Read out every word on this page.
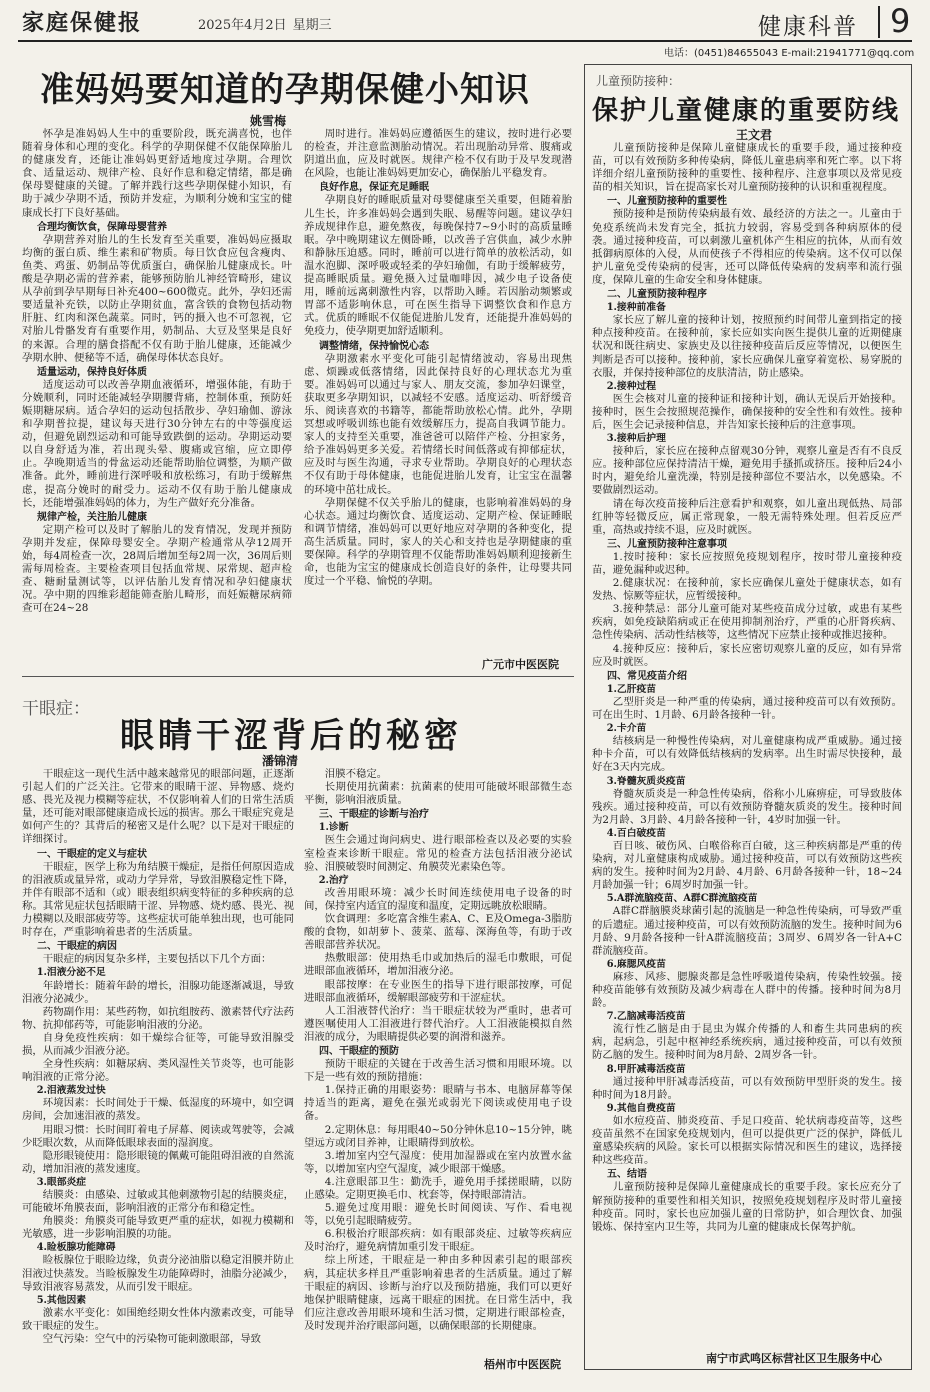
家庭保健报	2025年4月2日 星期三	健康科普 9
电话：(0451)84655043 E-mail:21941771@qq.com
准妈妈要知道的孕期保健小知识
姚雪梅

怀孕是准妈妈人生中的重要阶段，既充满喜悦，也伴随着身体和心理的变化。科学的孕期保健不仅能保障胎儿的健康发育，还能让准妈妈更舒适地度过孕期。合理饮食、适量运动、规律产检、良好作息和稳定情绪，都是确保母婴健康的关键。了解并践行这些孕期保健小知识，有助于减少孕期不适，预防并发症，为顺利分娩和宝宝的健康成长打下良好基础。

合理均衡饮食，保障母婴营养

孕期营养对胎儿的生长发育至关重要，准妈妈应摄取均衡的蛋白质、维生素和矿物质。每日饮食应包含瘦肉、鱼类、鸡蛋、奶制品等优质蛋白，确保胎儿健康成长。叶酸是孕期必需的营养素，能够预防胎儿神经管畸形，建议从孕前到孕早期每日补充400~600微克。此外，孕妇还需要适量补充铁，以防止孕期贫血，富含铁的食物包括动物肝脏、红肉和深色蔬菜。同时，钙的摄入也不可忽视，它对胎儿骨骼发育有重要作用，奶制品、大豆及坚果是良好的来源。合理的膳食搭配不仅有助于胎儿健康，还能减少孕期水肿、便秘等不适，确保母体状态良好。

适量运动，保持良好体质

适度运动可以改善孕期血液循环，增强体能，有助于分娩顺利，同时还能减轻孕期腰背痛，控制体重，预防妊娠期糖尿病。适合孕妇的运动包括散步、孕妇瑜伽、游泳和孕期普拉提，建议每天进行30分钟左右的中等强度运动，但避免剧烈运动和可能导致跌倒的运动。孕期运动要以自身舒适为准，若出现头晕、腹痛或宫缩，应立即停止。孕晚期适当的骨盆运动还能帮助胎位调整，为顺产做准备。此外，睡前进行深呼吸和放松练习，有助于缓解焦虑，提高分娩时的耐受力。运动不仅有助于胎儿健康成长，还能增强准妈妈的体力，为生产做好充分准备。

规律产检，关注胎儿健康

定期产检可以及时了解胎儿的发育情况，发现并预防孕期并发症，保障母婴安全。孕期产检通常从孕12周开始，每4周检查一次，28周后增加至每2周一次，36周后则需每周检查。主要检查项目包括血常规、尿常规、超声检查、糖耐量测试等，以评估胎儿发育情况和孕妇健康状况。孕中期的四维彩超能筛查胎儿畸形，而妊娠糖尿病筛查可在24~28

周时进行。准妈妈应遵循医生的建议，按时进行必要的检查，并注意监测胎动情况。若出现胎动异常、腹痛或阴道出血，应及时就医。规律产检不仅有助于及早发现潜在风险，也能让准妈妈更加安心，确保胎儿平稳发育。

良好作息，保证充足睡眠

孕期良好的睡眠质量对母婴健康至关重要，但随着胎儿生长，许多准妈妈会遇到失眠、易醒等问题。建议孕妇养成规律作息，避免熬夜，每晚保持7~9小时的高质量睡眠。孕中晚期建议左侧卧睡，以改善子宫供血，减少水肿和静脉压迫感。同时，睡前可以进行简单的放松活动，如温水泡脚、深呼吸或轻柔的孕妇瑜伽，有助于缓解疲劳，提高睡眠质量。避免摄入过量咖啡因，减少电子设备使用，睡前远离刺激性内容，以帮助入睡。若因胎动频繁或胃部不适影响休息，可在医生指导下调整饮食和作息方式。优质的睡眠不仅能促进胎儿发育，还能提升准妈妈的免疫力，使孕期更加舒适顺利。

调整情绪，保持愉悦心态

孕期激素水平变化可能引起情绪波动，容易出现焦虑、烦躁或低落情绪，因此保持良好的心理状态尤为重要。准妈妈可以通过与家人、朋友交流，参加孕妇课堂，获取更多孕期知识，以减轻不安感。适度运动、听舒缓音乐、阅读喜欢的书籍等，都能帮助放松心情。此外，孕期冥想或呼吸训练也能有效缓解压力，提高自我调节能力。家人的支持至关重要，准爸爸可以陪伴产检、分担家务，给予准妈妈更多关爱。若情绪长时间低落或有抑郁症状，应及时与医生沟通，寻求专业帮助。孕期良好的心理状态不仅有助于母体健康，也能促进胎儿发育，让宝宝在温馨的环境中茁壮成长。

孕期保健不仅关乎胎儿的健康，也影响着准妈妈的身心状态。通过均衡饮食、适度运动、定期产检、保证睡眠和调节情绪，准妈妈可以更好地应对孕期的各种变化，提高生活质量。同时，家人的关心和支持也是孕期健康的重要保障。科学的孕期管理不仅能帮助准妈妈顺利迎接新生命，也能为宝宝的健康成长创造良好的条件，让母婴共同度过一个平稳、愉悦的孕期。

广元市中医医院
干眼症：
眼睛干涩背后的秘密
潘锦清

干眼症这一现代生活中越来越常见的眼部问题，正逐渐引起人们的广泛关注。它带来的眼睛干涩、异物感、烧灼感、畏光及视力模糊等症状，不仅影响着人们的日常生活质量，还可能对眼部健康造成长远的损害。那么干眼症究竟是如何产生的？其背后的秘密又是什么呢？以下是对干眼症的详细探讨。

一、干眼症的定义与症状

干眼症，医学上称为角结膜干燥症，是指任何原因造成的泪液质或量异常，或动力学异常，导致泪膜稳定性下降，并伴有眼部不适和（或）眼表组织病变特征的多种疾病的总称。其常见症状包括眼睛干涩、异物感、烧灼感、畏光、视力模糊以及眼部疲劳等。这些症状可能单独出现，也可能同时存在，严重影响着患者的生活质量。

二、干眼症的病因

干眼症的病因复杂多样，主要包括以下几个方面：

1.泪液分泌不足

年龄增长：随着年龄的增长，泪腺功能逐渐减退，导致泪液分泌减少。

药物副作用：某些药物，如抗组胺药、激素替代疗法药物、抗抑郁药等，可能影响泪液的分泌。

自身免疫性疾病：如干燥综合征等，可能导致泪腺受损，从而减少泪液分泌。

全身性疾病：如糖尿病、类风湿性关节炎等，也可能影响泪液的正常分泌。

2.泪液蒸发过快

环境因素：长时间处于干燥、低湿度的环境中，如空调房间，会加速泪液的蒸发。

用眼习惯：长时间盯着电子屏幕、阅读或驾驶等，会减少眨眼次数，从而降低眼球表面的湿润度。

隐形眼镜使用：隐形眼镜的佩戴可能阻碍泪液的自然流动，增加泪液的蒸发速度。

3.眼部炎症

结膜炎：由感染、过敏或其他刺激物引起的结膜炎症，可能破坏角膜表面，影响泪液的正常分布和稳定性。

角膜炎：角膜炎可能导致更严重的症状，如视力模糊和光敏感，进一步影响泪膜的功能。

4.睑板腺功能障碍

睑板腺位于眼睑边缘，负责分泌油脂以稳定泪膜并防止泪液过快蒸发。当睑板腺发生功能障碍时，油脂分泌减少，导致泪液容易蒸发，从而引发干眼症。

5.其他因素

激素水平变化：如围绝经期女性体内激素改变，可能导致干眼症的发生。

空气污染：空气中的污染物可能刺激眼部，导致

泪膜不稳定。

长期使用抗菌素：抗菌素的使用可能破坏眼部微生态平衡，影响泪液质量。

三、干眼症的诊断与治疗

1.诊断

医生会通过询问病史、进行眼部检查以及必要的实验室检查来诊断干眼症。常见的检查方法包括泪液分泌试验、泪膜破裂时间测定、角膜荧光素染色等。

2.治疗

改善用眼环境：减少长时间连续使用电子设备的时间，保持室内适宜的湿度和温度，定期远眺放松眼睛。

饮食调理：多吃富含维生素A、C、E及Omega-3脂肪酸的食物，如胡萝卜、菠菜、蓝莓、深海鱼等，有助于改善眼部营养状况。

热敷眼部：使用热毛巾或加热后的湿毛巾敷眼，可促进眼部血液循环，增加泪液分泌。

眼部按摩：在专业医生的指导下进行眼部按摩，可促进眼部血液循环，缓解眼部疲劳和干涩症状。

人工泪液替代治疗：当干眼症状较为严重时，患者可遵医嘱使用人工泪液进行替代治疗。人工泪液能模拟自然泪液的成分，为眼睛提供必要的润滑和滋养。

四、干眼症的预防

预防干眼症的关键在于改善生活习惯和用眼环境。以下是一些有效的预防措施：

1.保持正确的用眼姿势：眼睛与书本、电脑屏幕等保持适当的距离，避免在强光或弱光下阅读或使用电子设备。

2.定期休息：每用眼40~50分钟休息10~15分钟，眺望远方或闭目养神，让眼睛得到放松。

3.增加室内空气湿度：使用加湿器或在室内放置水盆等，以增加室内空气湿度，减少眼部干燥感。

4.注意眼部卫生：勤洗手，避免用手揉搓眼睛，以防止感染。定期更换毛巾、枕套等，保持眼部清洁。

5.避免过度用眼：避免长时间阅读、写作、看电视等，以免引起眼睛疲劳。

6.积极治疗眼部疾病：如有眼部炎症、过敏等疾病应及时治疗，避免病情加重引发干眼症。

综上所述，干眼症是一种由多种因素引起的眼部疾病，其症状多样且严重影响着患者的生活质量。通过了解干眼症的病因、诊断与治疗以及预防措施，我们可以更好地保护眼睛健康，远离干眼症的困扰。在日常生活中，我们应注意改善用眼环境和生活习惯，定期进行眼部检查，及时发现并治疗眼部问题，以确保眼部的长期健康。

梧州市中医医院
儿童预防接种：
保护儿童健康的重要防线
王文君

儿童预防接种是保障儿童健康成长的重要手段，通过接种疫苗，可以有效预防多种传染病，降低儿童患病率和死亡率。以下将详细介绍儿童预防接种的重要性、接种程序、注意事项以及常见疫苗的相关知识，旨在提高家长对儿童预防接种的认识和重视程度。

一、儿童预防接种的重要性

预防接种是预防传染病最有效、最经济的方法之一。儿童由于免疫系统尚未发育完全，抵抗力较弱，容易受到各种病原体的侵袭。通过接种疫苗，可以刺激儿童机体产生相应的抗体，从而有效抵御病原体的入侵，从而使孩子不得相应的传染病。这不仅可以保护儿童免受传染病的侵害，还可以降低传染病的发病率和流行强度，保障儿童的生命安全和身体健康。

二、儿童预防接种程序

1.接种前准备

家长应了解儿童的接种计划，按照预约时间带儿童到指定的接种点接种疫苗。在接种前，家长应如实向医生提供儿童的近期健康状况和既往病史、家族史及以往接种疫苗后反应等情况，以便医生判断是否可以接种。接种前，家长应确保儿童穿着宽松、易穿脱的衣服，并保持接种部位的皮肤清洁，防止感染。

2.接种过程

医生会核对儿童的接种证和接种计划，确认无误后开始接种。接种时，医生会按照规范操作，确保接种的安全性和有效性。接种后，医生会记录接种信息，并告知家长接种后的注意事项。

3.接种后护理

接种后，家长应在接种点留观30分钟，观察儿童是否有不良反应。接种部位应保持清洁干燥，避免用手搔抓或挤压。接种后24小时内，避免给儿童洗澡，特别是接种部位不要沾水，以免感染。不要做剧烈运动。

请在每次疫苗接种后注意看护和观察，如儿童出现低热、局部红肿等轻微反应，属正常现象，一般无需特殊处理。但若反应严重，高热或持续不退，应及时就医。

三、儿童预防接种注意事项

1.按时接种：家长应按照免疫规划程序，按时带儿童接种疫苗，避免漏种或迟种。

2.健康状况：在接种前，家长应确保儿童处于健康状态，如有发热、惊厥等症状，应暂缓接种。

3.接种禁忌：部分儿童可能对某些疫苗成分过敏，或患有某些疾病，如免疫缺陷病或正在使用抑制剂治疗，严重的心肝肾疾病、急性传染病、活动性结核等，这些情况下应禁止接种或推迟接种。

4.接种反应：接种后，家长应密切观察儿童的反应，如有异常应及时就医。

四、常见疫苗介绍

1.乙肝疫苗

乙型肝炎是一种严重的传染病，通过接种疫苗可以有效预防。可在出生时、1月龄、6月龄各接种一针。

2.卡介苗

结核病是一种慢性传染病，对儿童健康构成严重威胁。通过接种卡介苗，可以有效降低结核病的发病率。出生时需尽快接种，最好在3天内完成。

3.脊髓灰质炎疫苗

脊髓灰质炎是一种急性传染病，俗称小儿麻痹症，可导致肢体残疾。通过接种疫苗，可以有效预防脊髓灰质炎的发生。接种时间为2月龄、3月龄、4月龄各接种一针，4岁时加强一针。

4.百白破疫苗

百日咳、破伤风、白喉俗称百白破，这三种疾病都是严重的传染病，对儿童健康构成威胁。通过接种疫苗，可以有效预防这些疾病的发生。接种时间为2月龄、4月龄、6月龄各接种一针，18~24月龄加强一针；6周岁时加强一针。

5.A群流脑疫苗、A群C群流脑疫苗

A群C群脑膜炎球菌引起的流脑是一种急性传染病，可导致严重的后遗症。通过接种疫苗，可以有效预防流脑的发生。接种时间为6月龄、9月龄各接种一针A群流脑疫苗；3周岁、6周岁各一针A+C群流脑疫苗。

6.麻腮风疫苗

麻疹、风疹、腮腺炎都是急性呼吸道传染病，传染性较强。接种疫苗能够有效预防及减少病毒在人群中的传播。接种时间为8月龄。

7.乙脑减毒活疫苗

流行性乙脑是由于昆虫为媒介传播的人和畜生共同患病的疾病，起病急，引起中枢神经系统疾病，通过接种疫苗，可以有效预防乙脑的发生。接种时间为8月龄、2周岁各一针。

8.甲肝减毒活疫苗

通过接种甲肝减毒活疫苗，可以有效预防甲型肝炎的发生。接种时间为18月龄。

9.其他自费疫苗

如水痘疫苗、肺炎疫苗、手足口疫苗、轮状病毒疫苗等，这些疫苗虽然不在国家免疫规划内，但可以提供更广泛的保护，降低儿童感染疾病的风险。家长可以根据实际情况和医生的建议，选择接种这些疫苗。

五、结语

儿童预防接种是保障儿童健康成长的重要手段。家长应充分了解预防接种的重要性和相关知识，按照免疫规划程序及时带儿童接种疫苗。同时，家长也应加强儿童的日常防护，如合理饮食、加强锻炼、保持室内卫生等，共同为儿童的健康成长保驾护航。

南宁市武鸣区标营社区卫生服务中心
